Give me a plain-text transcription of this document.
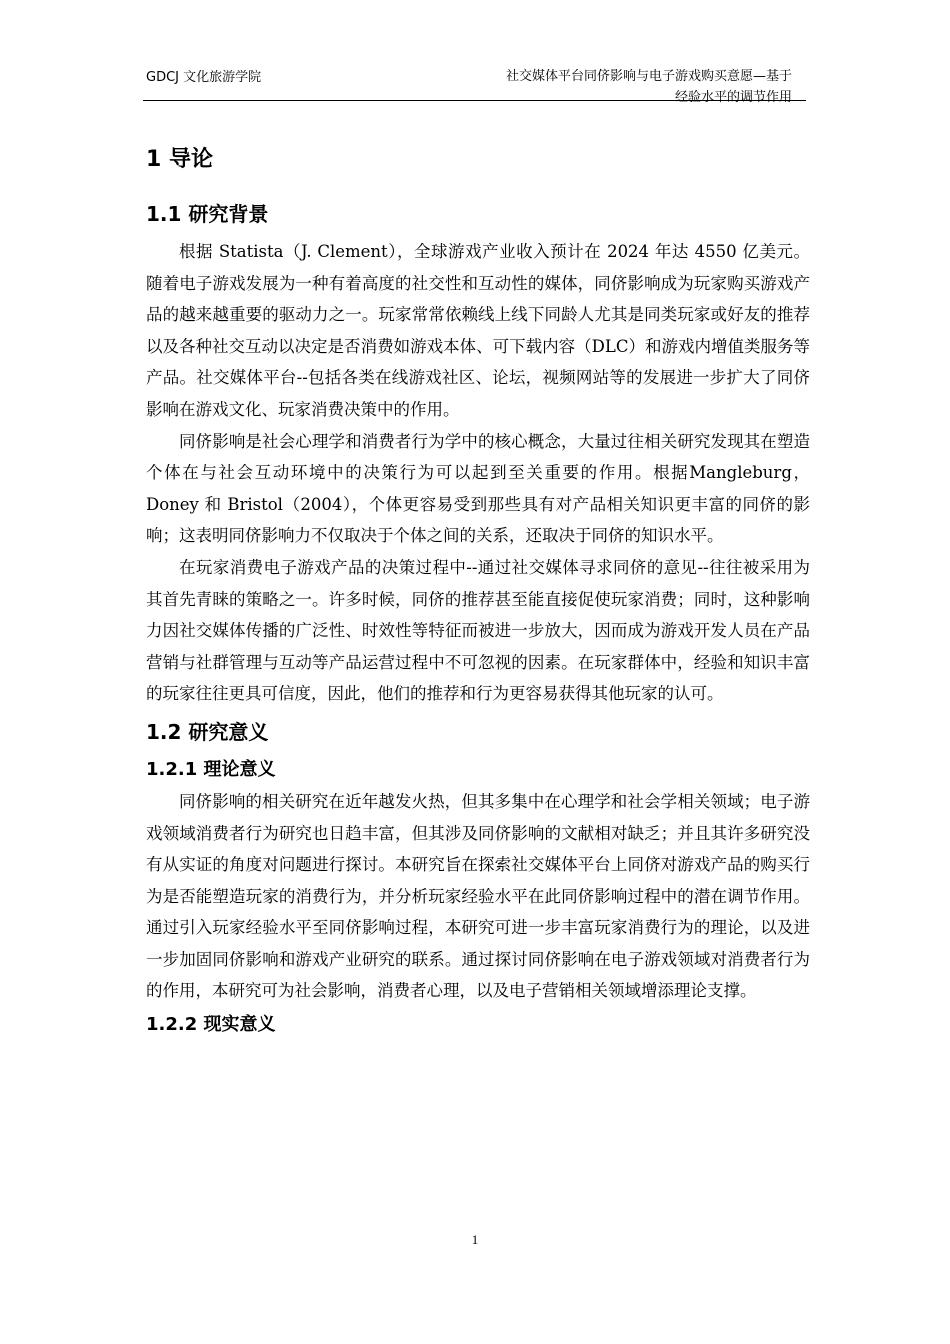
GDCJ 文化旅游学院	社交媒体平台同侪影响与电子游戏购买意愿—基于
经验水平的调节作用
1 导论
1.1 研究背景

根据 Statista（J. Clement），全球游戏产业收入预计在 2024 年达 4550 亿美元。随着电子游戏发展为一种有着高度的社交性和互动性的媒体，同侪影响成为玩家购买游戏产品的越来越重要的驱动力之一。玩家常常依赖线上线下同龄人尤其是同类玩家或好友的推荐以及各种社交互动以决定是否消费如游戏本体、可下载内容（DLC）和游戏内增值类服务等产品。社交媒体平台--包括各类在线游戏社区、论坛，视频网站等的发展进一步扩大了同侪影响在游戏文化、玩家消费决策中的作用。

同侪影响是社会心理学和消费者行为学中的核心概念，大量过往相关研究发现其在塑造个体在与社会互动环境中的决策行为可以起到至关重要的作用。根据Mangleburg，Doney 和 Bristol（2004），个体更容易受到那些具有对产品相关知识更丰富的同侪的影响；这表明同侪影响力不仅取决于个体之间的关系，还取决于同侪的知识水平。

在玩家消费电子游戏产品的决策过程中--通过社交媒体寻求同侪的意见--往往被采用为其首先青睐的策略之一。许多时候，同侪的推荐甚至能直接促使玩家消费；同时，这种影响力因社交媒体传播的广泛性、时效性等特征而被进一步放大，因而成为游戏开发人员在产品营销与社群管理与互动等产品运营过程中不可忽视的因素。在玩家群体中，经验和知识丰富的玩家往往更具可信度，因此，他们的推荐和行为更容易获得其他玩家的认可。

1.2 研究意义
1.2.1 理论意义

同侪影响的相关研究在近年越发火热，但其多集中在心理学和社会学相关领域；电子游戏领域消费者行为研究也日趋丰富，但其涉及同侪影响的文献相对缺乏；并且其许多研究没有从实证的角度对问题进行探讨。本研究旨在探索社交媒体平台上同侪对游戏产品的购买行为是否能塑造玩家的消费行为，并分析玩家经验水平在此同侪影响过程中的潜在调节作用。通过引入玩家经验水平至同侪影响过程，本研究可进一步丰富玩家消费行为的理论，以及进一步加固同侪影响和游戏产业研究的联系。通过探讨同侪影响在电子游戏领域对消费者行为的作用，本研究可为社会影响，消费者心理，以及电子营销相关领域增添理论支撑。

1.2.2 现实意义
1
